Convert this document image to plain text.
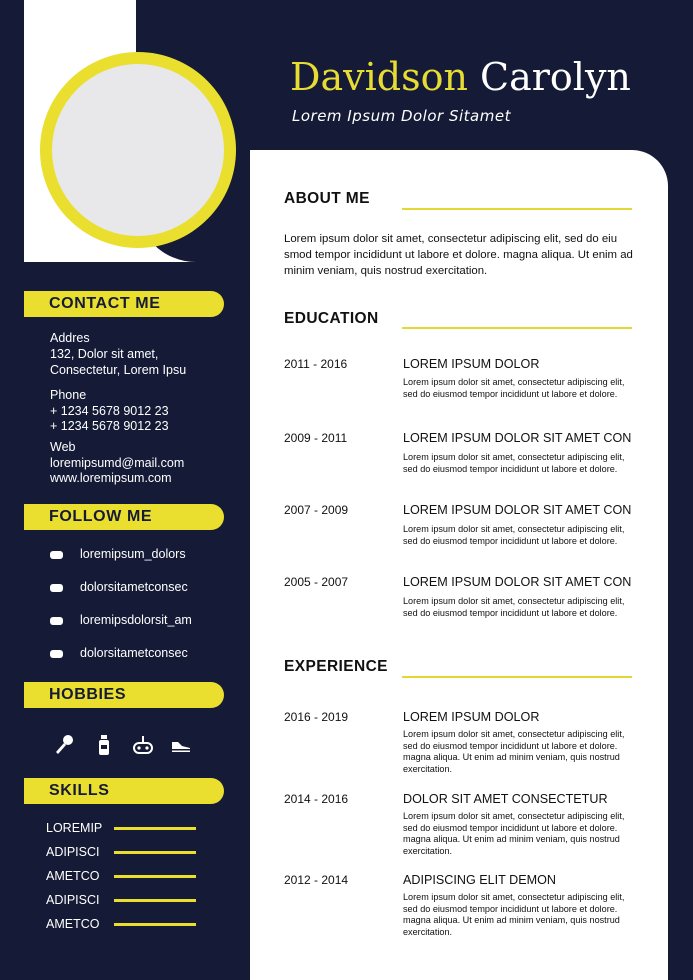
Davidson Carolyn
Lorem Ipsum Dolor Sitamet
CONTACT ME
Addres
132, Dolor sit amet,
Consectetur, Lorem Ipsu
Phone
+ 1234 5678 9012 23
+ 1234 5678 9012 23
Web
loremipsumd@mail.com
www.loremipsum.com
FOLLOW ME
loremipsum_dolors
dolorsitametconsec
loremipsdolorsit_am
dolorsitametconsec
HOBBIES
SKILLS
LOREMIP
ADIPISCI
AMETCO
ADIPISCI
AMETCO
ABOUT ME
Lorem ipsum dolor sit amet, consectetur adipiscing elit, sed do eiu smod tempor incididunt ut labore et dolore. magna aliqua. Ut enim ad minim veniam, quis nostrud exercitation.
EDUCATION
2011 - 2016	LOREM IPSUM DOLOR
Lorem ipsum dolor sit amet, consectetur adipiscing elit, sed do eiusmod tempor incididunt ut labore et dolore.
2009 - 2011	LOREM IPSUM DOLOR SIT AMET CON
Lorem ipsum dolor sit amet, consectetur adipiscing elit, sed do eiusmod tempor incididunt ut labore et dolore.
2007 - 2009	LOREM IPSUM DOLOR SIT AMET CON
Lorem ipsum dolor sit amet, consectetur adipiscing elit, sed do eiusmod tempor incididunt ut labore et dolore.
2005 - 2007	LOREM IPSUM DOLOR SIT AMET CON
Lorem ipsum dolor sit amet, consectetur adipiscing elit, sed do eiusmod tempor incididunt ut labore et dolore.
EXPERIENCE
2016 - 2019	LOREM IPSUM DOLOR
Lorem ipsum dolor sit amet, consectetur adipiscing elit, sed do eiusmod tempor incididunt ut labore et dolore. magna aliqua. Ut enim ad minim veniam, quis nostrud exercitation.
2014 - 2016	DOLOR SIT AMET CONSECTETUR
Lorem ipsum dolor sit amet, consectetur adipiscing elit, sed do eiusmod tempor incididunt ut labore et dolore. magna aliqua. Ut enim ad minim veniam, quis nostrud exercitation.
2012 - 2014	ADIPISCING ELIT DEMON
Lorem ipsum dolor sit amet, consectetur adipiscing elit, sed do eiusmod tempor incididunt ut labore et dolore. magna aliqua. Ut enim ad minim veniam, quis nostrud exercitation.
